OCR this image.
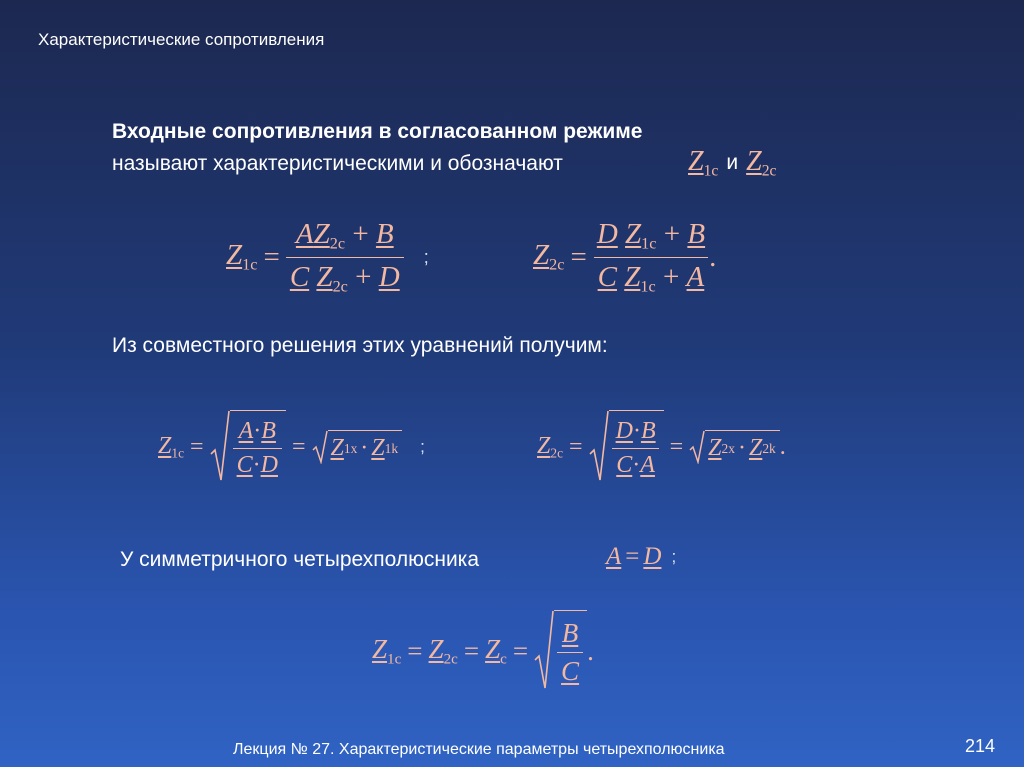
Характеристические сопротивления
Входные сопротивления в согласованном режиме
называют характеристическими и обозначают	$Z_{1с}$ и $Z_{2с}$
$Z_{1с} = \frac{AZ_{2с} + B}{C Z_{2с} + D}$ ;	$Z_{2с} = \frac{D Z_{1с} + B}{C Z_{1с} + A}$ .
Из совместного решения этих уравнений получим:
$Z_{1с} = \frac{A\cdot B}{C\cdot D} = Z$ 1х · Z 1k ;	$Z_{2с} = \frac{D\cdot B}{C\cdot A} = Z$ 2х · Z 2k .
У симметричного четырехполюсника	A = D ;
$Z_{1с} = Z_{2с} = Z_с = \frac{B}{C}$ .
Лекция № 27. Характеристические параметры четырехполюсника	214
